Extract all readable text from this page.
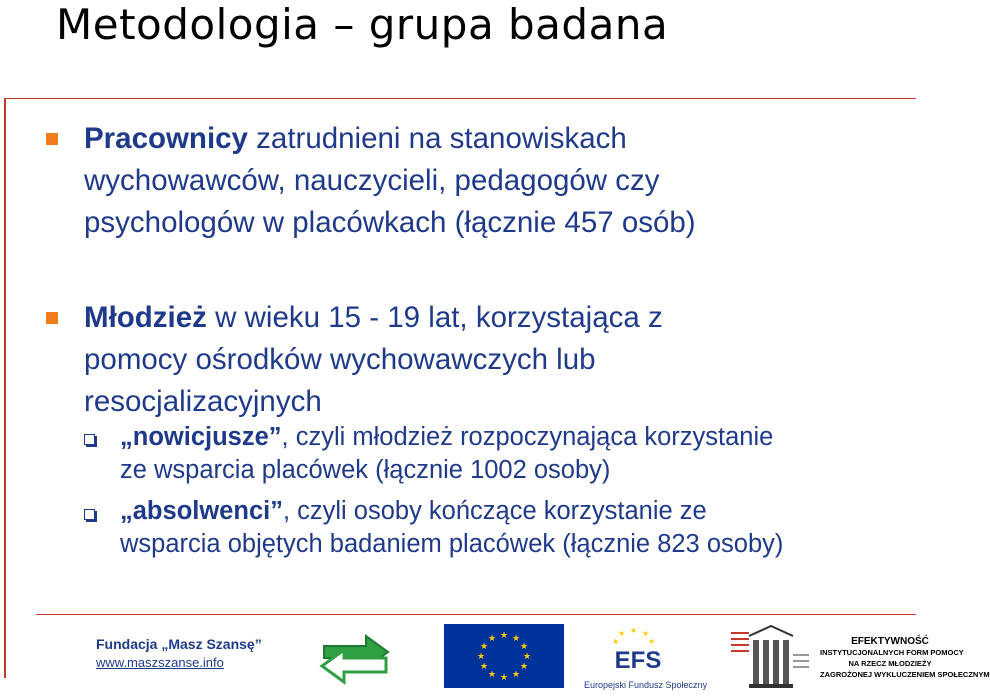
Metodologia – grupa badana
Pracownicy zatrudnieni na stanowiskach
wychowawców, nauczycieli, pedagogów czy
psychologów w placówkach (łącznie 457 osób)
Młodzież w wieku 15 - 19 lat, korzystająca z
pomocy ośrodków wychowawczych lub
resocjalizacyjnych
„nowicjusze”, czyli młodzież rozpoczynająca korzystanie
ze wsparcia placówek (łącznie 1002 osoby)
„absolwenci”, czyli osoby kończące korzystanie ze
wsparcia objętych badaniem placówek (łącznie 823 osoby)
Fundacja „Masz Szansę”
www.maszszanse.info
★ ★
★
★
★
★
★
★
★
★
★
★
★ ★ ★
★	★
EFS
Europejski Fundusz Społeczny
EFEKTYWNOŚĆ
INSTYTUCJONALNYCH FORM POMOCY
NA RZECZ MŁODZIEŻY
ZAGROŻONEJ WYKLUCZENIEM SPOŁECZNYM
